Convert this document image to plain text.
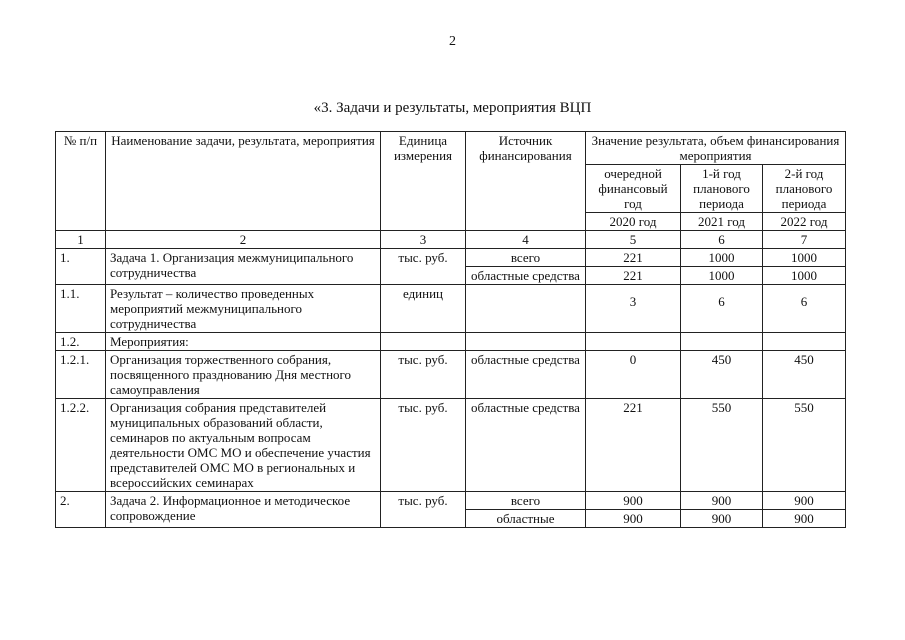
2
«3. Задачи и результаты, мероприятия ВЦП
№ п/п	Наименование задачи, результата, мероприятия	Единица измерения	Источник финансирования	Значение результата, объем финансирования мероприятия		
				очередной финансовый год	1-й год планового периода	2-й год планового периода
				2020 год	2021 год	2022 год
1	2	3	4	5	6	7
1.	Задача 1. Организация межмуниципального сотрудничества	тыс. руб.	всего	221	1000	1000
			областные средства	221	1000	1000
1.1.	Результат – количество проведенных мероприятий межмуниципального сотрудничества	единиц		3	6	6
1.2.	Мероприятия:					
1.2.1.	Организация торжественного собрания, посвященного празднованию Дня местного самоуправления	тыс. руб.	областные средства	0	450	450
1.2.2.	Организация собрания представителей муниципальных образований области, семинаров по актуальным вопросам деятельности ОМС МО и обеспечение участия представителей ОМС МО в региональных и всероссийских семинарах	тыс. руб.	областные средства	221	550	550
2.	Задача 2. Информационное и методическое сопровождение	тыс. руб.	всего	900	900	900
			областные	900	900	900
